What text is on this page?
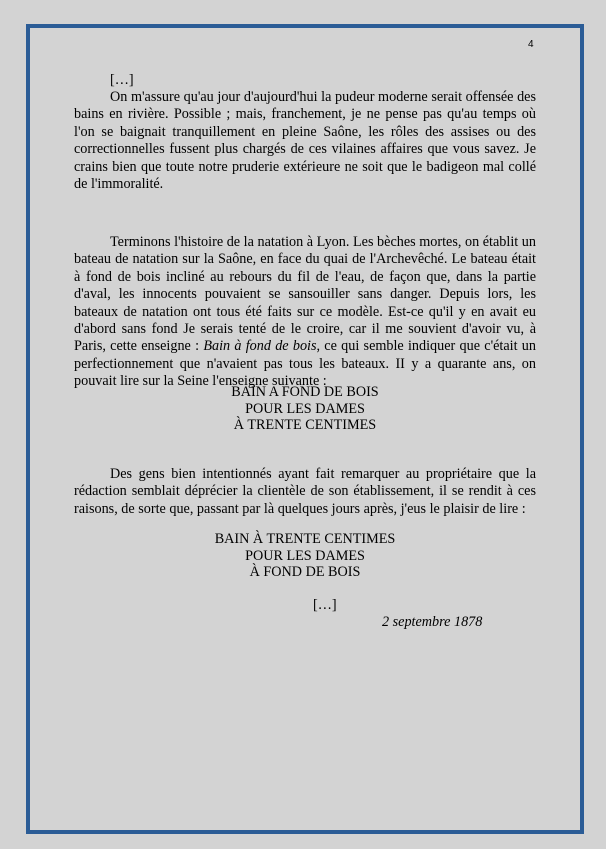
4
[…]

On m'assure qu'au jour d'aujourd'hui la pudeur moderne serait offensée des bains en rivière. Possible ; mais, franchement, je ne pense pas qu'au temps où l'on se baignait tranquillement en pleine Saône, les rôles des assises ou des correctionnelles fussent plus chargés de ces vilaines affaires que vous savez. Je crains bien que toute notre pruderie extérieure ne soit que le badigeon mal collé de l'immoralité.

Terminons l'histoire de la natation à Lyon. Les bèches mortes, on établit un bateau de natation sur la Saône, en face du quai de l'Archevêché. Le bateau était à fond de bois incliné au rebours du fil de l'eau, de façon que, dans la partie d'aval, les innocents pouvaient se sansouiller sans danger. Depuis lors, les bateaux de natation ont tous été faits sur ce modèle. Est-ce qu'il y en avait eu d'abord sans fond Je serais tenté de le croire, car il me souvient d'avoir vu, à Paris, cette enseigne : Bain à fond de bois, ce qui semble indiquer que c'était un perfectionnement que n'avaient pas tous les bateaux. II y a quarante ans, on pouvait lire sur la Seine l'enseigne suivante :

BAIN A FOND DE BOIS
POUR LES DAMES
À TRENTE CENTIMES

Des gens bien intentionnés ayant fait remarquer au propriétaire que la rédaction semblait déprécier la clientèle de son établissement, il se rendit à ces raisons, de sorte que, passant par là quelques jours après, j'eus le plaisir de lire :

BAIN À TRENTE CENTIMES
POUR LES DAMES
À FOND DE BOIS
[…]
2 septembre 1878
